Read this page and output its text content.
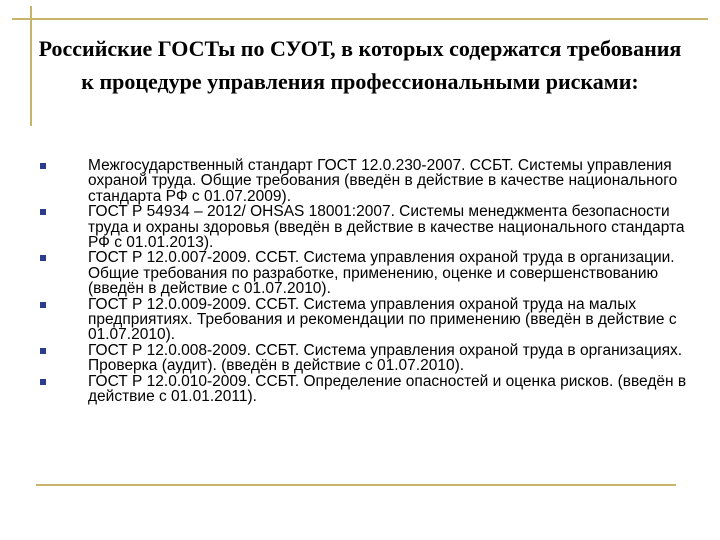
Российские ГОСТы по СУОТ, в которых содержатся требования к процедуре управления профессиональными рисками:
Межгосударственный стандарт ГОСТ 12.0.230-2007. ССБТ. Системы управления охраной труда. Общие требования (введён в действие в качестве национального стандарта РФ с 01.07.2009).
ГОСТ Р 54934 – 2012/ OHSAS 18001:2007. Системы менеджмента безопасности труда и охраны здоровья (введён в действие в качестве национального стандарта РФ с 01.01.2013).
ГОСТ Р 12.0.007-2009. ССБТ. Система управления охраной труда в организации. Общие требования по разработке, применению, оценке и совершенствованию (введён в действие с 01.07.2010).
ГОСТ Р 12.0.009-2009. ССБТ. Система управления охраной труда на малых предприятиях. Требования и рекомендации по применению (введён в действие с 01.07.2010).
ГОСТ Р 12.0.008-2009. ССБТ. Система управления охраной труда в организациях. Проверка (аудит). (введён в действие с 01.07.2010).
ГОСТ Р 12.0.010-2009. ССБТ. Определение опасностей и оценка рисков. (введён в действие с 01.01.2011).
